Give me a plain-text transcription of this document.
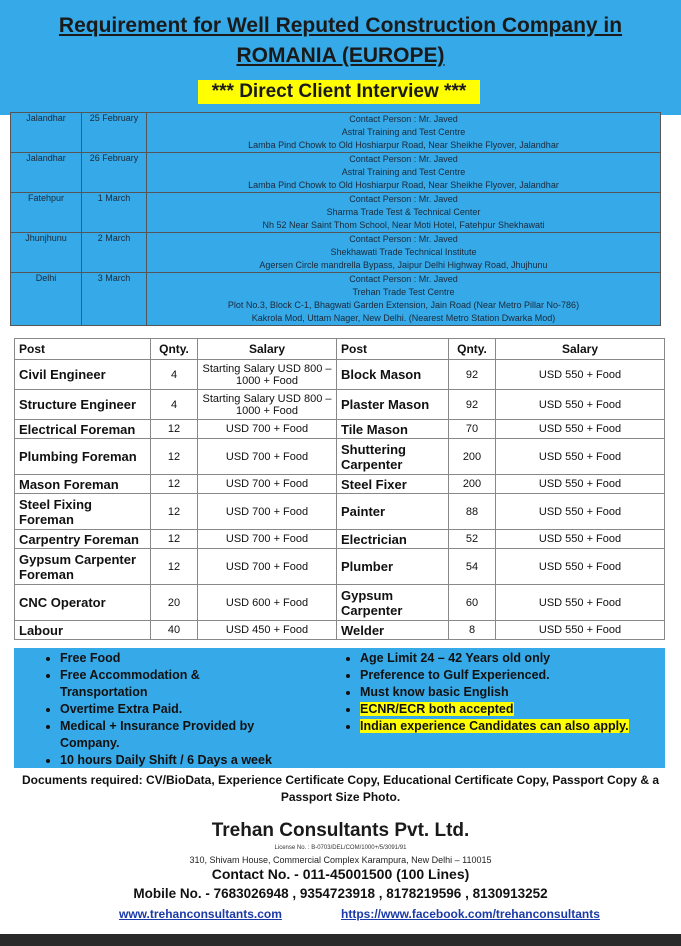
Requirement for Well Reputed Construction Company in
ROMANIA (EUROPE)
*** Direct Client Interview ***
Jalandhar	25 February	Contact Person : Mr. Javed
Astral Training and Test Centre
Lamba Pind Chowk to Old Hoshiarpur Road, Near Sheikhe Flyover, Jalandhar

Jalandhar	26 February	Contact Person : Mr. Javed
Astral Training and Test Centre
Lamba Pind Chowk to Old Hoshiarpur Road, Near Sheikhe Flyover, Jalandhar

Fatehpur	1 March	Contact Person : Mr. Javed
Sharma Trade Test & Technical Center
Nh 52 Near Saint Thom School, Near Moti Hotel, Fatehpur Shekhawati

Jhunjhunu	2 March	Contact Person : Mr. Javed
Shekhawati Trade Technical Institute
Agersen Circle mandrella Bypass, Jaipur Delhi Highway Road, Jhujhunu

Delhi	3 March	Contact Person : Mr. Javed
Trehan Trade Test Centre
Plot No.3, Block C-1, Bhagwati Garden Extension, Jain Road (Near Metro Pillar No-786)
Kakrola Mod, Uttam Nager, New Delhi. (Nearest Metro Station Dwarka Mod)
Post	Qnty.	Salary	Post	Qnty.	Salary
Civil Engineer	4	Starting Salary USD 800 – 1000 + Food	Block Mason	92	USD 550 + Food
Structure Engineer	4	Starting Salary USD 800 – 1000 + Food	Plaster Mason	92	USD 550 + Food
Electrical Foreman	12	USD 700 + Food	Tile Mason	70	USD 550 + Food
Plumbing Foreman	12	USD 700 + Food	Shuttering Carpenter	200	USD 550 + Food
Mason Foreman	12	USD 700 + Food	Steel Fixer	200	USD 550 + Food
Steel Fixing Foreman	12	USD 700 + Food	Painter	88	USD 550 + Food
Carpentry Foreman	12	USD 700 + Food	Electrician	52	USD 550 + Food
Gypsum Carpenter Foreman	12	USD 700 + Food	Plumber	54	USD 550 + Food
CNC Operator	20	USD 600 + Food	Gypsum Carpenter	60	USD 550 + Food
Labour	40	USD 450 + Food	Welder	8	USD 550 + Food
• Free Food
• Free Accommodation & Transportation
• Overtime Extra Paid.
• Medical + Insurance Provided by Company.
• 10 hours Daily Shift / 6 Days a week
• Age Limit 24 – 42 Years old only
• Preference to Gulf Experienced.
• Must know basic English
• ECNR/ECR both accepted
• Indian experience Candidates can also apply.
Documents required: CV/BioData, Experience Certificate Copy, Educational Certificate Copy, Passport Copy & a Passport Size Photo.
Trehan Consultants Pvt. Ltd.
License No. : B-0703/DEL/COM/1000+/5/3091/91
310, Shivam House, Commercial Complex Karampura, New Delhi – 110015
Contact No. - 011-45001500 (100 Lines)
Mobile No. - 7683026948 , 9354723918 , 8178219596 , 8130913252
www.trehanconsultants.com	https://www.facebook.com/trehanconsultants
